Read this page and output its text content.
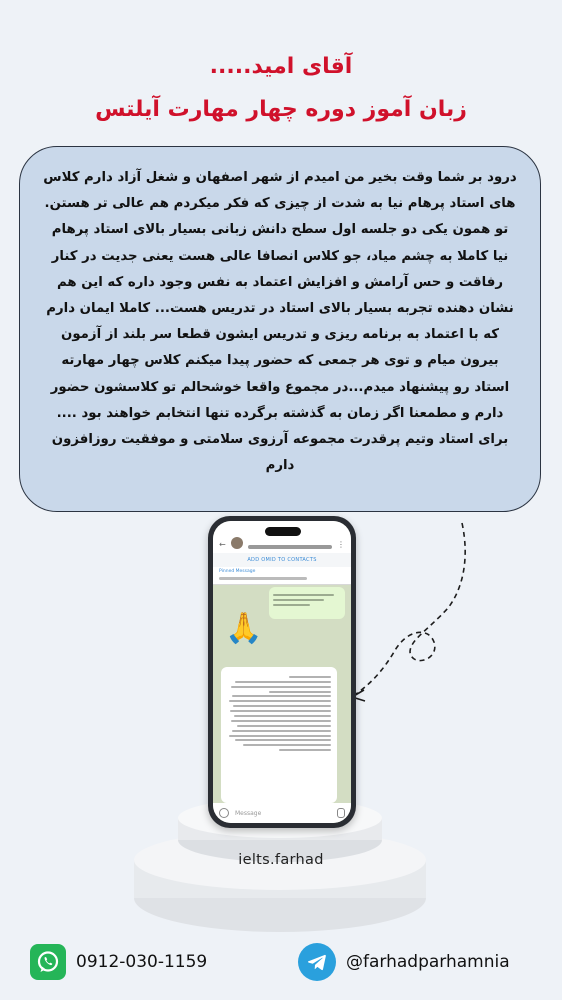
آقای امید.....
زبان آموز دوره چهار مهارت آیلتس

درود بر شما وقت بخیر من امیدم از شهر اصفهان و شغل آزاد دارم کلاس های استاد پرهام نیا به شدت از چیزی که فکر میکردم هم عالی تر هستن.

تو همون یکی دو جلسه اول سطح دانش زبانی بسیار بالای استاد پرهام نیا کاملا به چشم میاد، جو کلاس انصافا عالی هست یعنی جدیت در کنار رفاقت و حس آرامش و افزایش اعتماد به نفس وجود داره که این هم نشان دهنده تجربه بسیار بالای استاد در تدریس هست... کاملا ایمان دارم که با اعتماد به برنامه ریزی و تدریس ایشون قطعا سر بلند از آزمون بیرون میام و توی هر جمعی که حضور پیدا میکنم کلاس چهار مهارته استاد رو پیشنهاد میدم...در مجموع واقعا خوشحالم تو کلاسشون حضور دارم و مطمعنا اگر زمان به گذشته برگرده تنها انتخابم خواهند بود .... برای استاد وتیم پرقدرت مجموعه آرزوی سلامتی و موفقیت روزافزون دارم

←	⋮
ADD OMID TO CONTACTS
Pinned Message
🙏
Message
ielts.farhad
0912-030-1159	@farhadparhamnia
